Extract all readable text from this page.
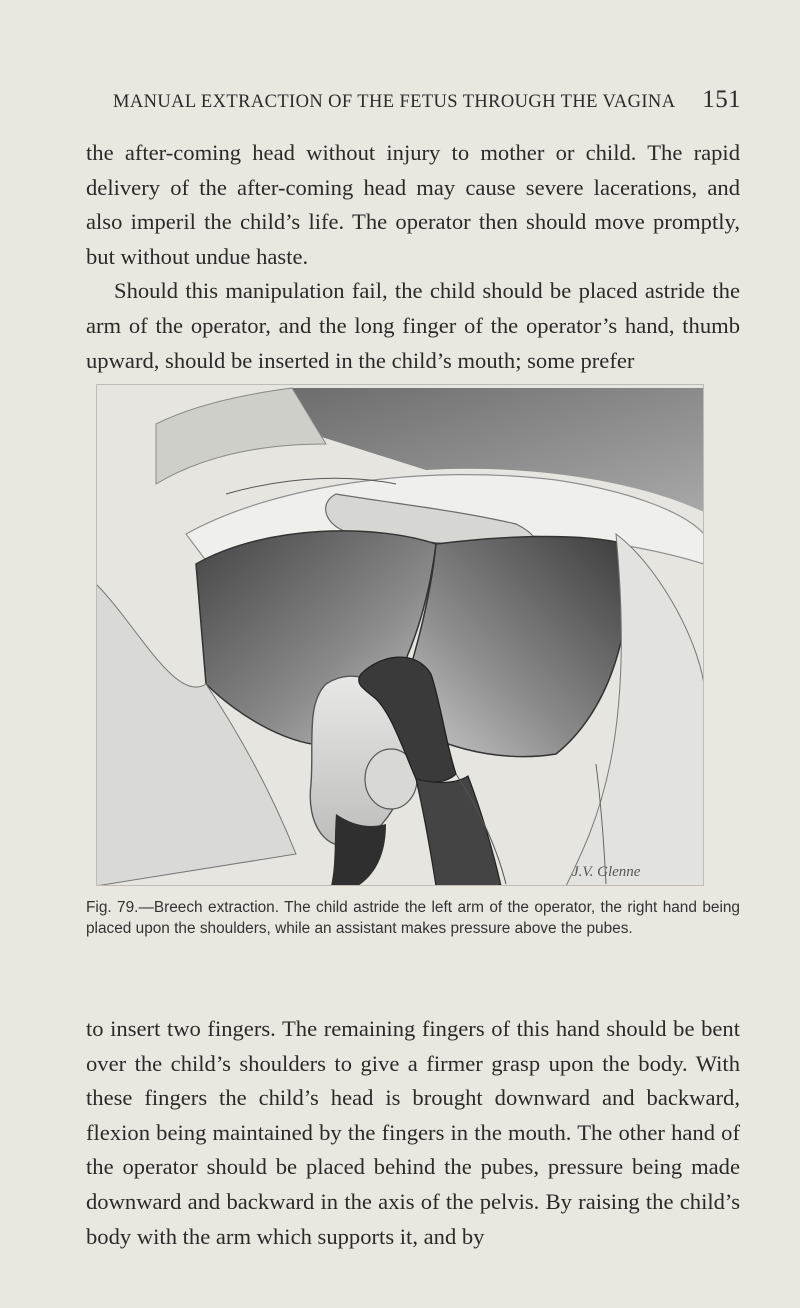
MANUAL EXTRACTION OF THE FETUS THROUGH THE VAGINA 151

the after-coming head without injury to mother or child. The rapid delivery of the after-coming head may cause severe lacerations, and also imperil the child’s life. The operator then should move promptly, but without undue haste.

Should this manipulation fail, the child should be placed astride the arm of the operator, and the long finger of the operator’s hand, thumb upward, should be inserted in the child’s mouth; some prefer

J.V. Glenne
Fig. 79.—Breech extraction. The child astride the left arm of the operator, the right hand being placed upon the shoulders, while an assistant makes pressure above the pubes.

to insert two fingers. The remaining fingers of this hand should be bent over the child’s shoulders to give a firmer grasp upon the body. With these fingers the child’s head is brought downward and backward, flexion being maintained by the fingers in the mouth. The other hand of the operator should be placed behind the pubes, pressure being made downward and backward in the axis of the pelvis. By raising the child’s body with the arm which supports it, and by
